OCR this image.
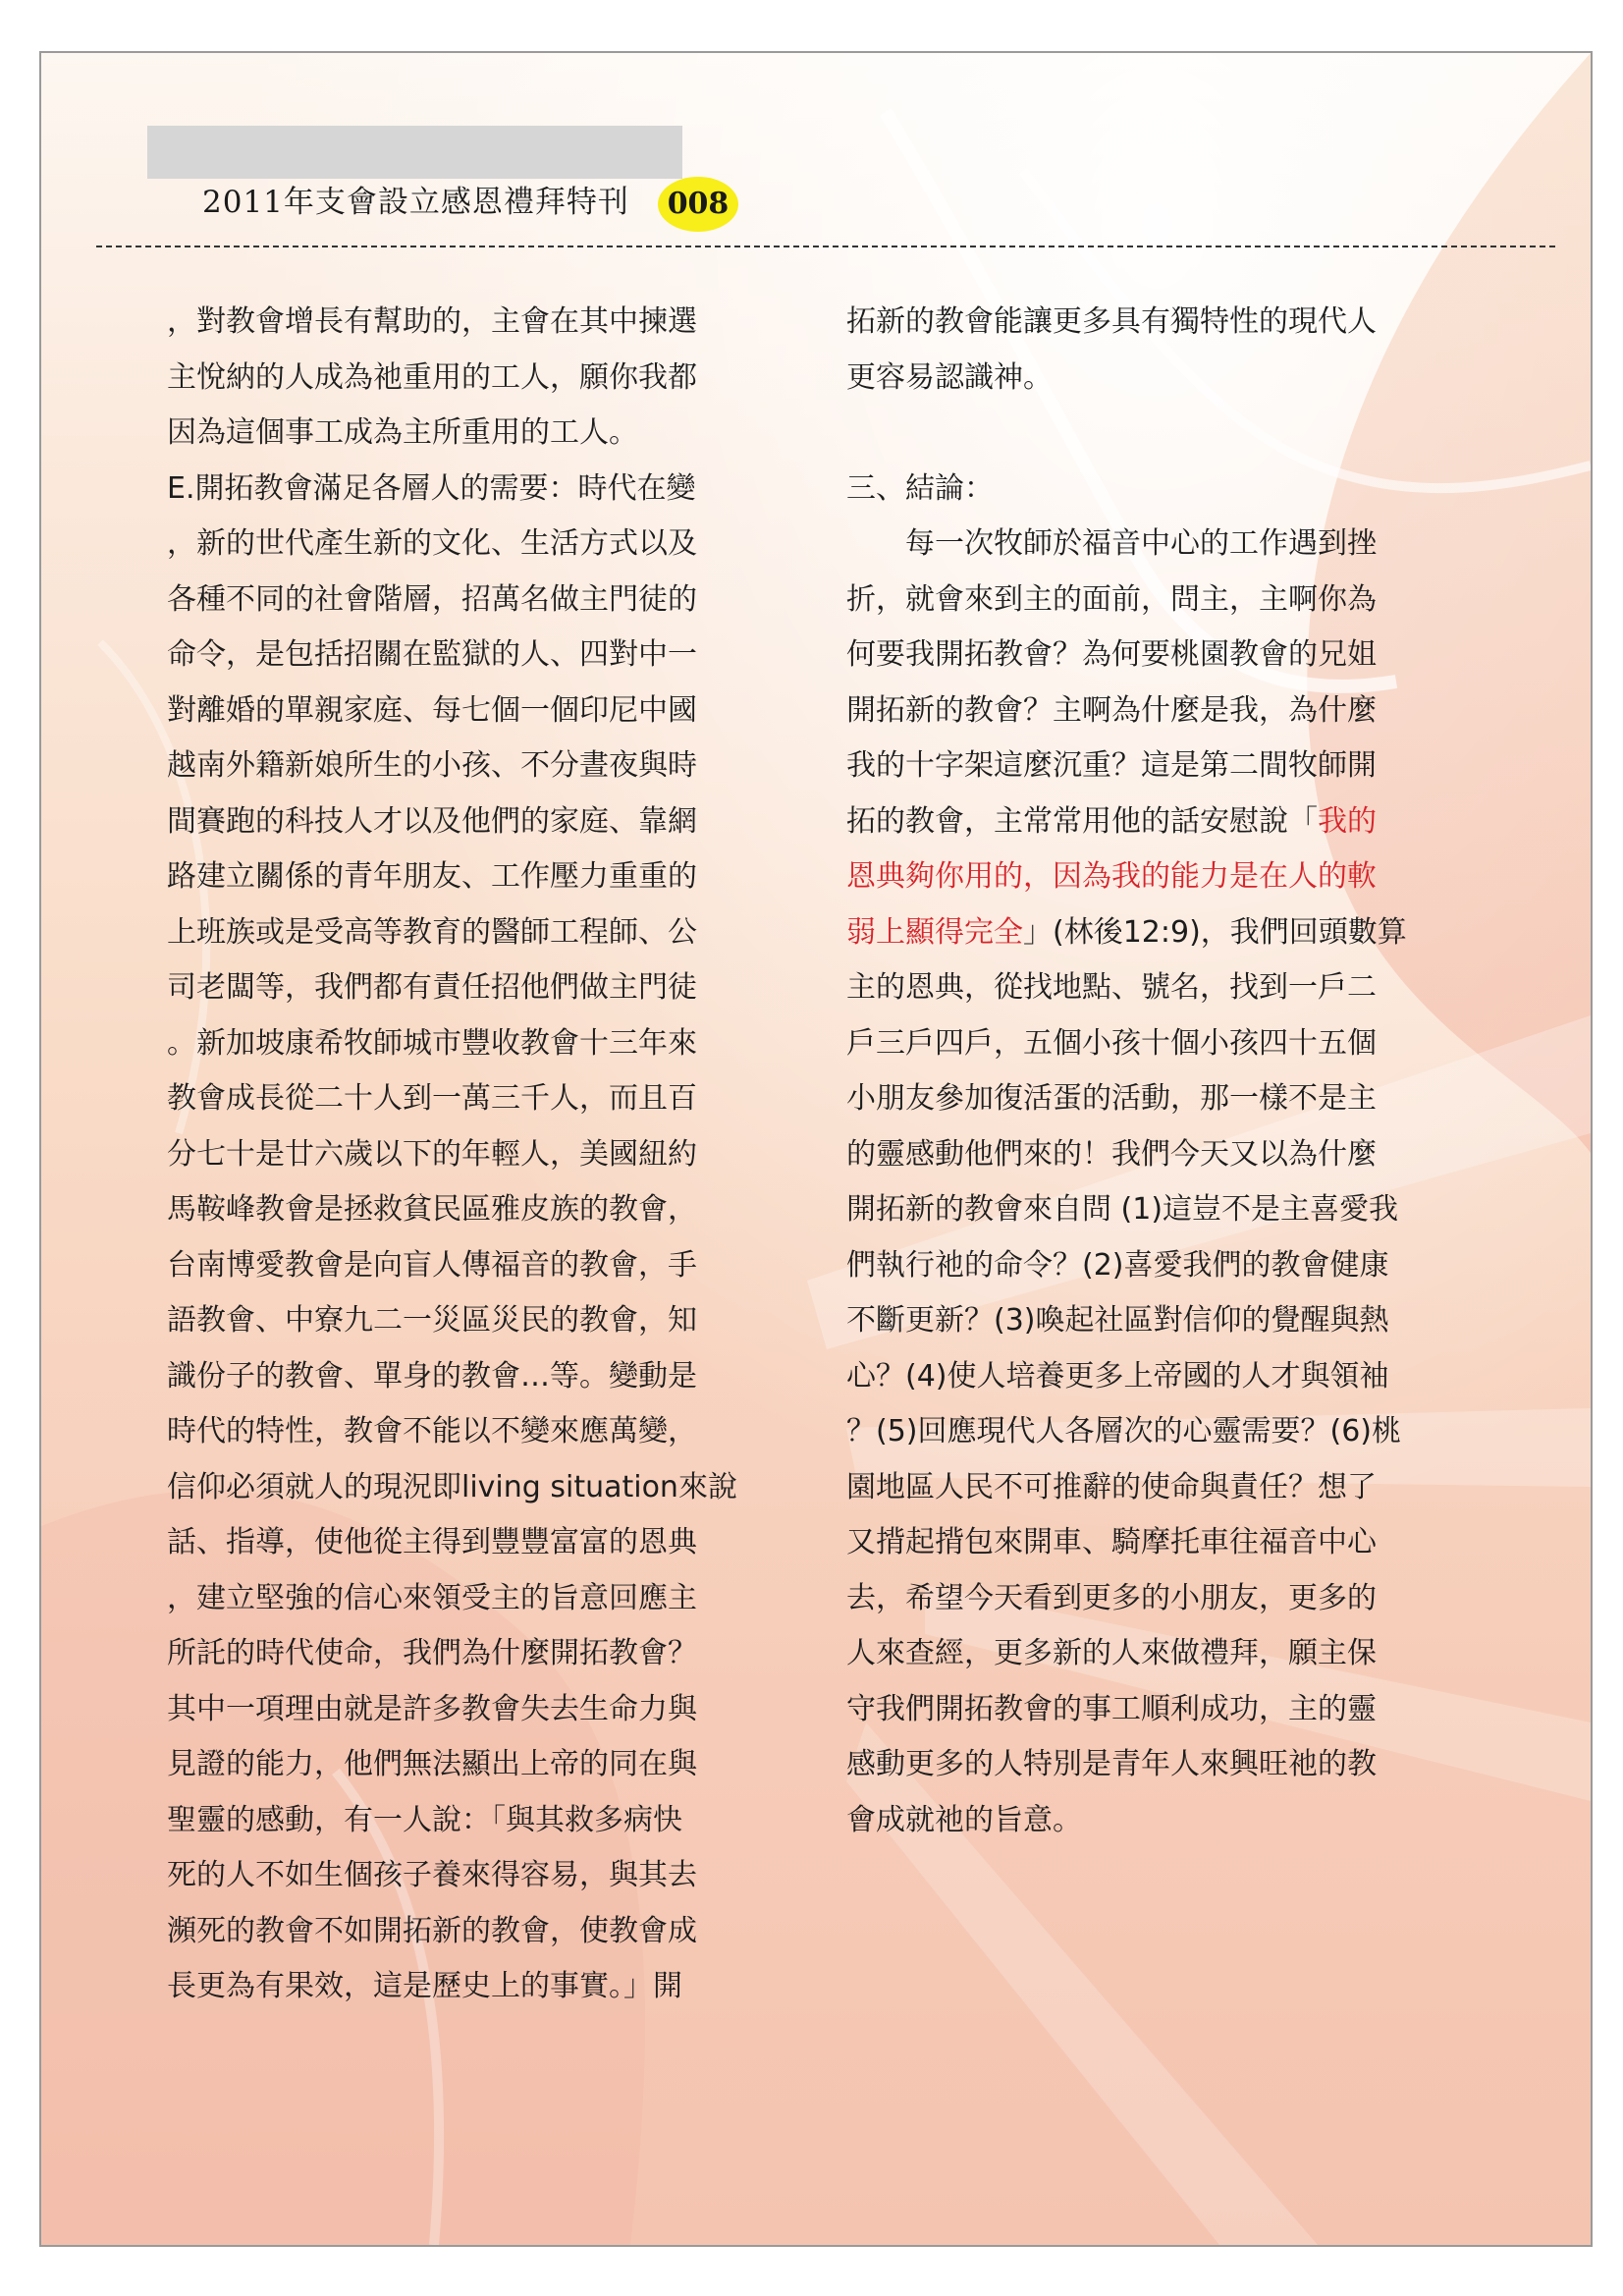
2011年支會設立感恩禮拜特刊	008
，對教會增長有幫助的，主會在其中揀選
主悅納的人成為祂重用的工人，願你我都
因為這個事工成為主所重用的工人。
E.開拓教會滿足各層人的需要：時代在變
，新的世代產生新的文化、生活方式以及
各種不同的社會階層，招萬名做主門徒的
命令，是包括招關在監獄的人、四對中一
對離婚的單親家庭、每七個一個印尼中國
越南外籍新娘所生的小孩、不分晝夜與時
間賽跑的科技人才以及他們的家庭、靠網
路建立關係的青年朋友、工作壓力重重的
上班族或是受高等教育的醫師工程師、公
司老闆等，我們都有責任招他們做主門徒
。新加坡康希牧師城市豐收教會十三年來
教會成長從二十人到一萬三千人，而且百
分七十是廿六歲以下的年輕人，美國紐約
馬鞍峰教會是拯救貧民區雅皮族的教會，
台南博愛教會是向盲人傳福音的教會，手
語教會、中寮九二一災區災民的教會，知
識份子的教會、單身的教會…等。變動是
時代的特性，教會不能以不變來應萬變，
信仰必須就人的現況即living situation來說
話、指導，使他從主得到豐豐富富的恩典
，建立堅強的信心來領受主的旨意回應主
所託的時代使命，我們為什麼開拓教會？
其中一項理由就是許多教會失去生命力與
見證的能力，他們無法顯出上帝的同在與
聖靈的感動，有一人說：「與其救多病快
死的人不如生個孩子養來得容易，與其去
瀕死的教會不如開拓新的教會，使教會成
長更為有果效，這是歷史上的事實。」開
拓新的教會能讓更多具有獨特性的現代人
更容易認識神。
三、結論：
　　每一次牧師於福音中心的工作遇到挫
折，就會來到主的面前，問主，主啊你為
何要我開拓教會？為何要桃園教會的兄姐
開拓新的教會？主啊為什麼是我，為什麼
我的十字架這麼沉重？這是第二間牧師開
拓的教會，主常常用他的話安慰說「我的
恩典夠你用的，因為我的能力是在人的軟
弱上顯得完全」(林後12:9)，我們回頭數算
主的恩典，從找地點、號名，找到一戶二
戶三戶四戶，五個小孩十個小孩四十五個
小朋友參加復活蛋的活動，那一樣不是主
的靈感動他們來的！我們今天又以為什麼
開拓新的教會來自問 (1)這豈不是主喜愛我
們執行祂的命令？(2)喜愛我們的教會健康
不斷更新？(3)喚起社區對信仰的覺醒與熱
心？(4)使人培養更多上帝國的人才與領袖
？(5)回應現代人各層次的心靈需要？(6)桃
園地區人民不可推辭的使命與責任？想了
又揹起揹包來開車、騎摩托車往福音中心
去，希望今天看到更多的小朋友，更多的
人來查經，更多新的人來做禮拜，願主保
守我們開拓教會的事工順利成功，主的靈
感動更多的人特別是青年人來興旺祂的教
會成就祂的旨意。
